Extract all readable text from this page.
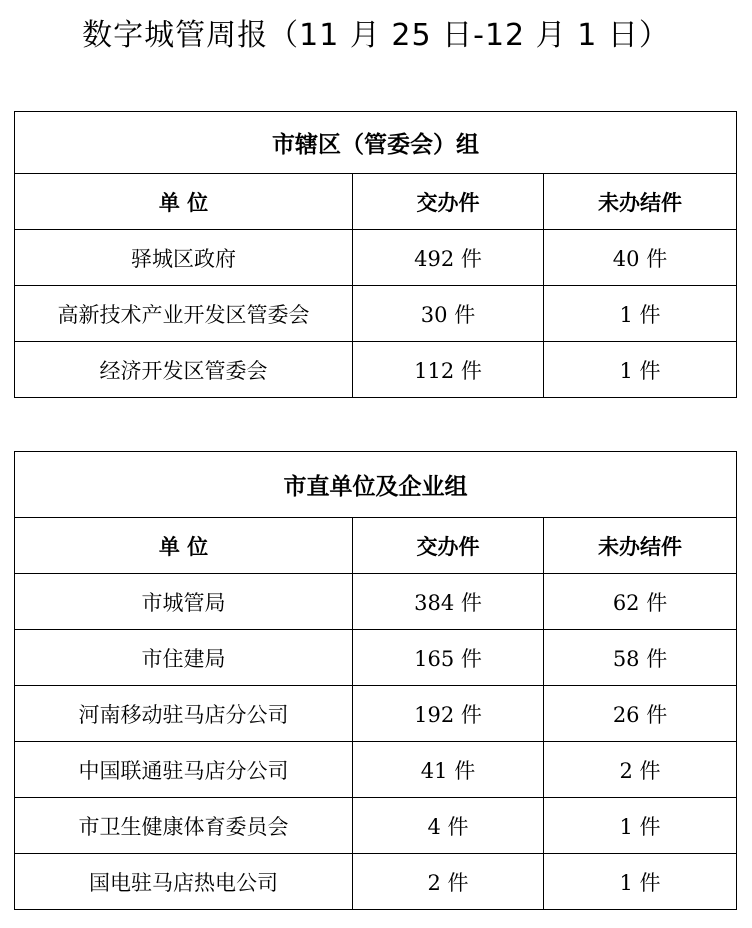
数字城管周报（11 月 25 日-12 月 1 日）
市辖区（管委会）组		
单 位	交办件	未办结件
驿城区政府	492 件	40 件
高新技术产业开发区管委会	30 件	1 件
经济开发区管委会	112 件	1 件
市直单位及企业组		
单 位	交办件	未办结件
市城管局	384 件	62 件
市住建局	165 件	58 件
河南移动驻马店分公司	192 件	26 件
中国联通驻马店分公司	41 件	2 件
市卫生健康体育委员会	4 件	1 件
国电驻马店热电公司	2 件	1 件
